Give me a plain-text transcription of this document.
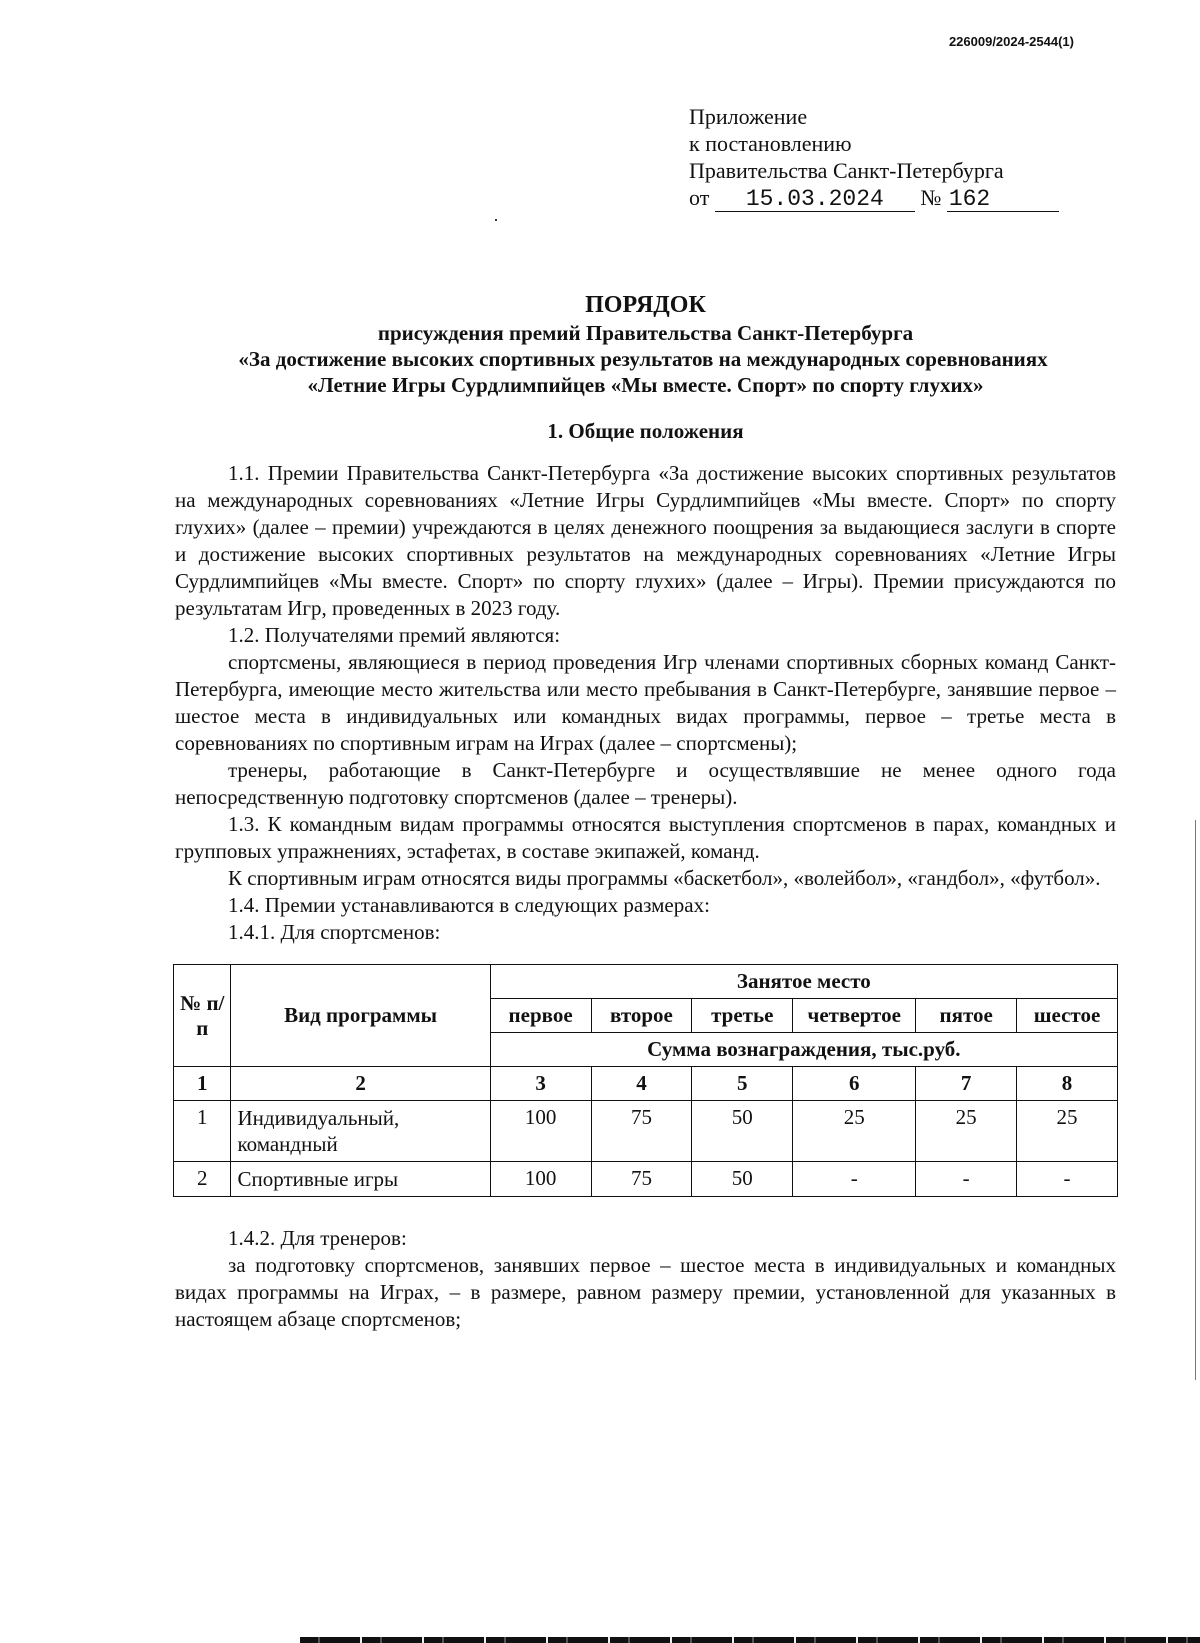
226009/2024-2544(1)
Приложение
к постановлению
Правительства Санкт-Петербурга
от 15.03.2024 № 162
ПОРЯДОК
присуждения премий Правительства Санкт-Петербурга
«За достижение высоких спортивных результатов на международных соревнованиях
«Летние Игры Сурдлимпийцев «Мы вместе. Спорт» по спорту глухих»
1. Общие положения

1.1. Премии Правительства Санкт-Петербурга «За достижение высоких спортивных результатов на международных соревнованиях «Летние Игры Сурдлимпийцев «Мы вместе. Спорт» по спорту глухих» (далее – премии) учреждаются в целях денежного поощрения за выдающиеся заслуги в спорте и достижение высоких спортивных результатов на международных соревнованиях «Летние Игры Сурдлимпийцев «Мы вместе. Спорт» по спорту глухих» (далее – Игры). Премии присуждаются по результатам Игр, проведенных в 2023 году.

1.2. Получателями премий являются:

спортсмены, являющиеся в период проведения Игр членами спортивных сборных команд Санкт-Петербурга, имеющие место жительства или место пребывания в Санкт-Петербурге, занявшие первое – шестое места в индивидуальных или командных видах программы, первое – третье места в соревнованиях по спортивным играм на Играх (далее – спортсмены);

тренеры, работающие в Санкт-Петербурге и осуществлявшие не менее одного года непосредственную подготовку спортсменов (далее – тренеры).

1.3. К командным видам программы относятся выступления спортсменов в парах, командных и групповых упражнениях, эстафетах, в составе экипажей, команд.

К спортивным играм относятся виды программы «баскетбол», «волейбол», «гандбол», «футбол».

1.4. Премии устанавливаются в следующих размерах:

1.4.1. Для спортсменов:

№ п/п	Вид программы	Занятое место					
		первое	второе	третье	четвертое	пятое	шестое
		Сумма вознаграждения, тыс.руб.					
1	2	3	4	5	6	7	8
1	Индивидуальный, командный	100	75	50	25	25	25
2	Спортивные игры	100	75	50	-	-	-

1.4.2. Для тренеров:

за подготовку спортсменов, занявших первое – шестое места в индивидуальных и командных видах программы на Играх, – в размере, равном размеру премии, установленной для указанных в настоящем абзаце спортсменов;
